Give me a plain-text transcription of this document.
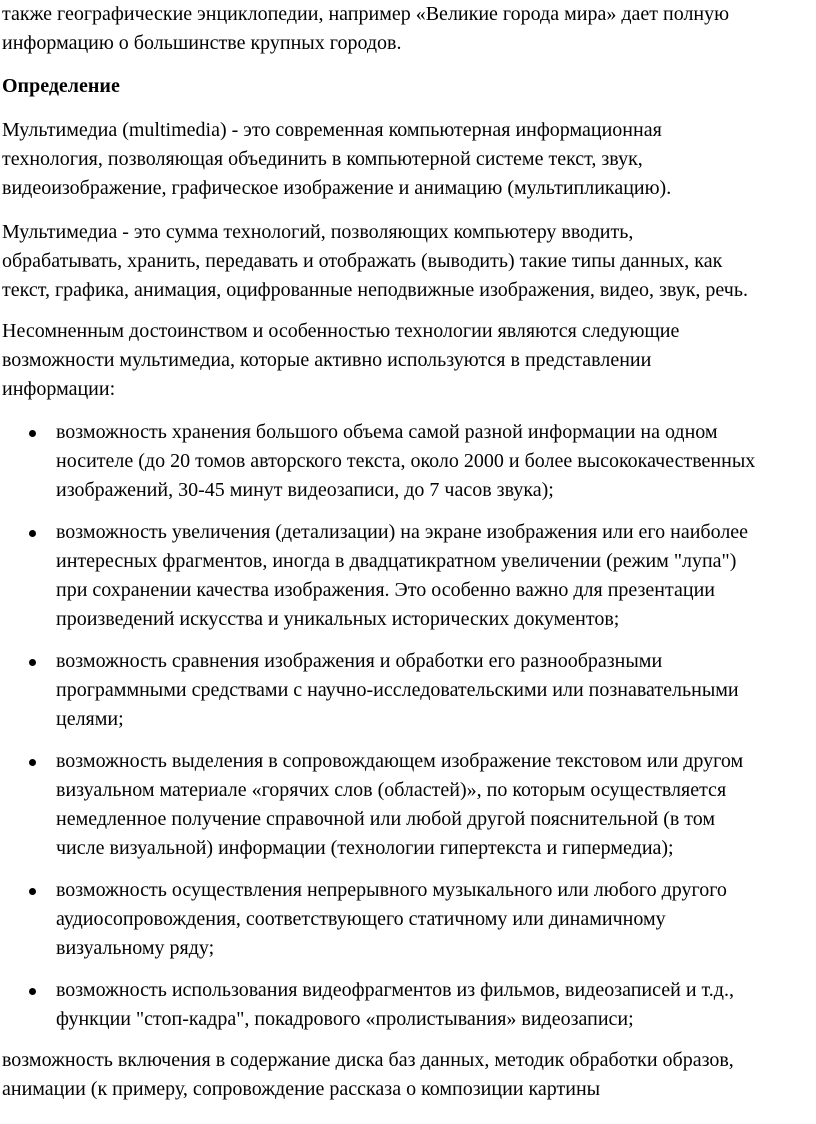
также географические энциклопедии, например «Великие города мира» дает полную
информацию о большинстве крупных городов.

Определение

Мультимедиа (multimedia) - это современная компьютерная информационная
технология, позволяющая объединить в компьютерной системе текст, звук,
видеоизображение, графическое изображение и анимацию (мультипликацию).

Мультимедиа - это сумма технологий, позволяющих компьютеру вводить,
обрабатывать, хранить, передавать и отображать (выводить) такие типы данных, как
текст, графика, анимация, оцифрованные неподвижные изображения, видео, звук, речь.

Несомненным достоинством и особенностью технологии являются следующие
возможности мультимедиа, которые активно используются в представлении
информации:

возможность хранения большого объема самой разной информации на одном
носителе (до 20 томов авторского текста, около 2000 и более высококачественных
изображений, 30-45 минут видеозаписи, до 7 часов звука);
возможность увеличения (детализации) на экране изображения или его наиболее
интересных фрагментов, иногда в двадцатикратном увеличении (режим "лупа")
при сохранении качества изображения. Это особенно важно для презентации
произведений искусства и уникальных исторических документов;
возможность сравнения изображения и обработки его разнообразными
программными средствами с научно-исследовательскими или познавательными
целями;
возможность выделения в сопровождающем изображение текстовом или другом
визуальном материале «горячих слов (областей)», по которым осуществляется
немедленное получение справочной или любой другой пояснительной (в том
числе визуальной) информации (технологии гипертекста и гипермедиа);
возможность осуществления непрерывного музыкального или любого другого
аудиосопровождения, соответствующего статичному или динамичному
визуальному ряду;
возможность использования видеофрагментов из фильмов, видеозаписей и т.д.,
функции "стоп-кадра", покадрового «пролистывания» видеозаписи;

возможность включения в содержание диска баз данных, методик обработки образов,
анимации (к примеру, сопровождение рассказа о композиции картины
